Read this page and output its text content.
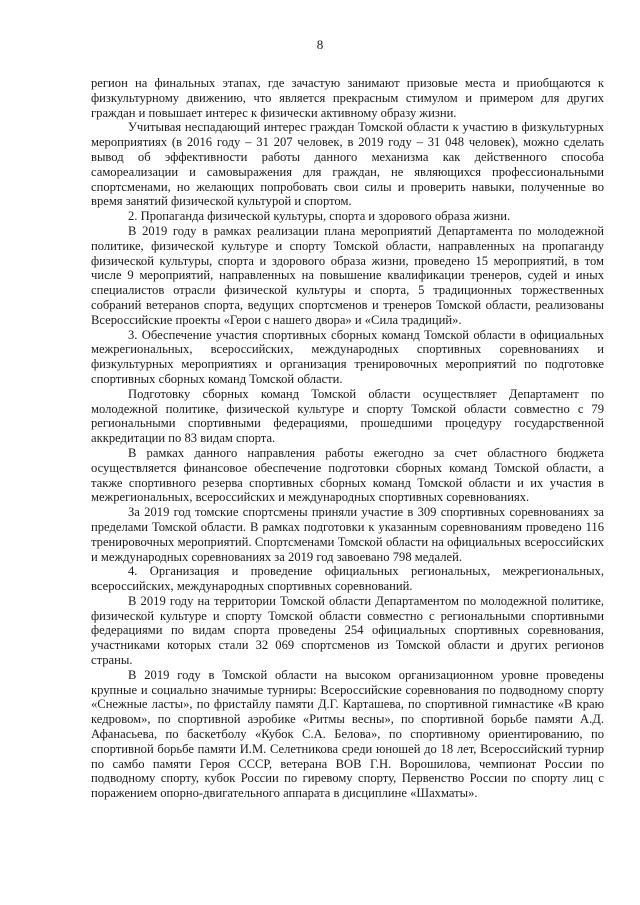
8

регион на финальных этапах, где зачастую занимают призовые места и приобщаются к физкультурному движению, что является прекрасным стимулом и примером для других граждан и повышает интерес к физически активному образу жизни.

Учитывая неспадающий интерес граждан Томской области к участию в физкультурных мероприятиях (в 2016 году – 31 207 человек, в 2019 году – 31 048 человек), можно сделать вывод об эффективности работы данного механизма как действенного способа самореализации и самовыражения для граждан, не являющихся профессиональными спортсменами, но желающих попробовать свои силы и проверить навыки, полученные во время занятий физической культурой и спортом.

2. Пропаганда физической культуры, спорта и здорового образа жизни.

В 2019 году в рамках реализации плана мероприятий Департамента по молодежной политике, физической культуре и спорту Томской области, направленных на пропаганду физической культуры, спорта и здорового образа жизни, проведено 15 мероприятий, в том числе 9 мероприятий, направленных на повышение квалификации тренеров, судей и иных специалистов отрасли физической культуры и спорта, 5 традиционных торжественных собраний ветеранов спорта, ведущих спортсменов и тренеров Томской области, реализованы Всероссийские проекты «Герои с нашего двора» и «Сила традиций».

3. Обеспечение участия спортивных сборных команд Томской области в официальных межрегиональных, всероссийских, международных спортивных соревнованиях и физкультурных мероприятиях и организация тренировочных мероприятий по подготовке спортивных сборных команд Томской области.

Подготовку сборных команд Томской области осуществляет Департамент по молодежной политике, физической культуре и спорту Томской области совместно с 79 региональными спортивными федерациями, прошедшими процедуру государственной аккредитации по 83 видам спорта.

В рамках данного направления работы ежегодно за счет областного бюджета осуществляется финансовое обеспечение подготовки сборных команд Томской области, а также спортивного резерва спортивных сборных команд Томской области и их участия в межрегиональных, всероссийских и международных спортивных соревнованиях.

За 2019 год томские спортсмены приняли участие в 309 спортивных соревнованиях за пределами Томской области. В рамках подготовки к указанным соревнованиям проведено 116 тренировочных мероприятий. Спортсменами Томской области на официальных всероссийских и международных соревнованиях за 2019 год завоевано 798 медалей.

4. Организация и проведение официальных региональных, межрегиональных, всероссийских, международных спортивных соревнований.

В 2019 году на территории Томской области Департаментом по молодежной политике, физической культуре и спорту Томской области совместно с региональными спортивными федерациями по видам спорта проведены 254 официальных спортивных соревнования, участниками которых стали 32 069 спортсменов из Томской области и других регионов страны.

В 2019 году в Томской области на высоком организационном уровне проведены крупные и социально значимые турниры: Всероссийские соревнования по подводному спорту «Снежные ласты», по фристайлу памяти Д.Г. Карташева, по спортивной гимнастике «В краю кедровом», по спортивной аэробике «Ритмы весны», по спортивной борьбе памяти А.Д. Афанасьева, по баскетболу «Кубок С.А. Белова», по спортивному ориентированию, по спортивной борьбе памяти И.М. Селетникова среди юношей до 18 лет, Всероссийский турнир по самбо памяти Героя СССР, ветерана ВОВ Г.Н. Ворошилова, чемпионат России по подводному спорту, кубок России по гиревому спорту, Первенство России по спорту лиц с поражением опорно-двигательного аппарата в дисциплине «Шахматы».
